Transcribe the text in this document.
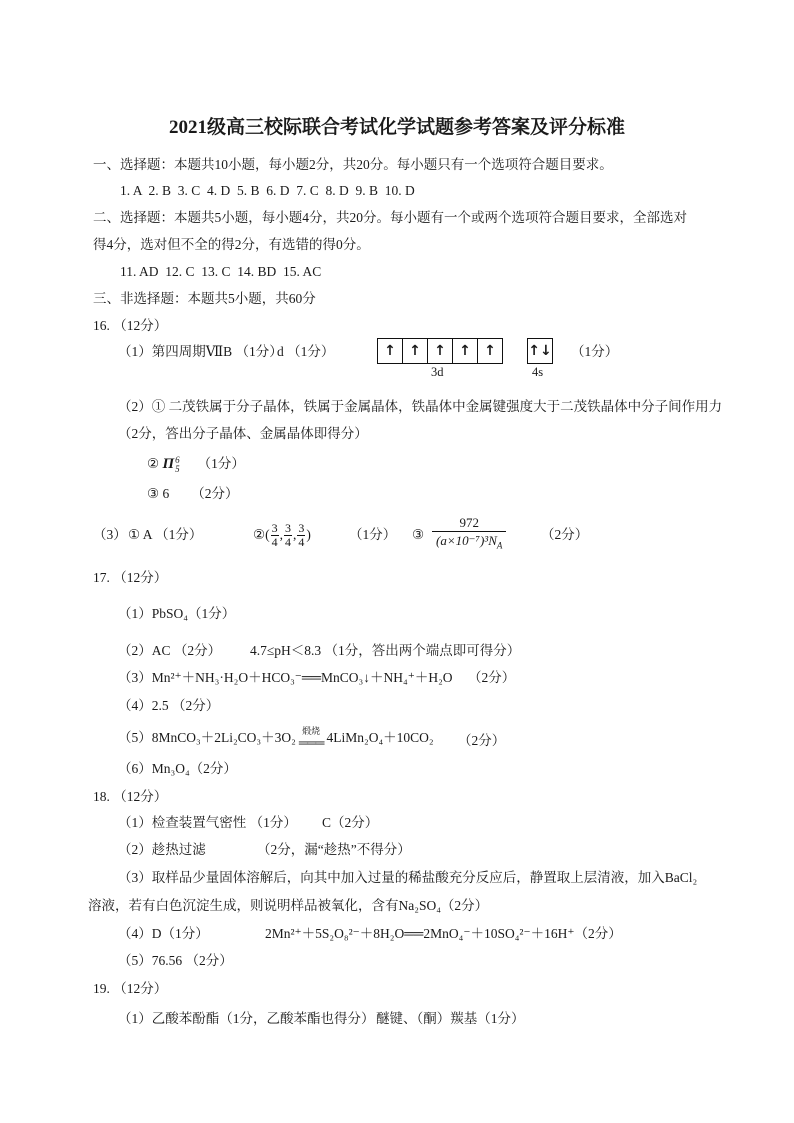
2021级高三校际联合考试化学试题参考答案及评分标准
一、选择题：本题共10小题，每小题2分，共20分。每小题只有一个选项符合题目要求。
1. A  2. B  3. C  4. D  5. B  6. D  7. C  8. D  9. B  10. D
二、选择题：本题共5小题，每小题4分，共20分。每小题有一个或两个选项符合题目要求，全部选对
得4分，选对但不全的得2分，有选错的得0分。
11. AD  12. C  13. C  14. BD  15. AC
三、非选择题：本题共5小题，共60分
16. （12分）
（1）第四周期ⅦB （1分）
d （1分）	↑ ↑ ↑ ↑ ↑	↑↓
3d	4s
（1分）
（2）① 二茂铁属于分子晶体，铁属于金属晶体，铁晶体中金属键强度大于二茂铁晶体中分子间作用力
（2分，答出分子晶体、金属晶体即得分）
② Π 6
5 （1分）
③ 6 （2分）
（3） ① A （1分）	②( $\frac{3}{4}$ , $\frac{3}{4}$ , $\frac{3}{4}$ )	（1分） ③ $\frac{972}{(a\times 10^{-7})^3N_A}$	（2分）
17. （12分）
（1）PbSO₄（1分）
（2）AC （2分） 4.7≤pH＜8.3 （1分，答出两个端点即可得分）
（3）Mn²⁺＋NH₃·H₂O＋HCO₃⁻══MnCO₃↓＋NH₄⁺＋H₂O （2分）
（4）2.5 （2分）
（5）8MnCO₃＋2Li₂CO₃＋3O₂ 煅烧
═══ 4LiMn₂O₄＋10CO₂ （2分）
（6）Mn₃O₄（2分）
18. （12分）
（1）检查装置气密性 （1分） C（2分）
（2）趁热过滤	（2分，漏“趁热”不得分）
（3）取样品少量固体溶解后，向其中加入过量的稀盐酸充分反应后，静置取上层清液，加入BaCl₂
溶液，若有白色沉淀生成，则说明样品被氧化，含有Na₂SO₄（2分）
（4）D（1分）	2Mn²⁺＋5S₂O₈²⁻＋8H₂O══2MnO₄⁻＋10SO₄²⁻＋16H⁺（2分）
（5）76.56 （2分）
19. （12分）
（1）乙酸苯酚酯（1分，乙酸苯酯也得分） 醚键、（酮）羰基（1分）
